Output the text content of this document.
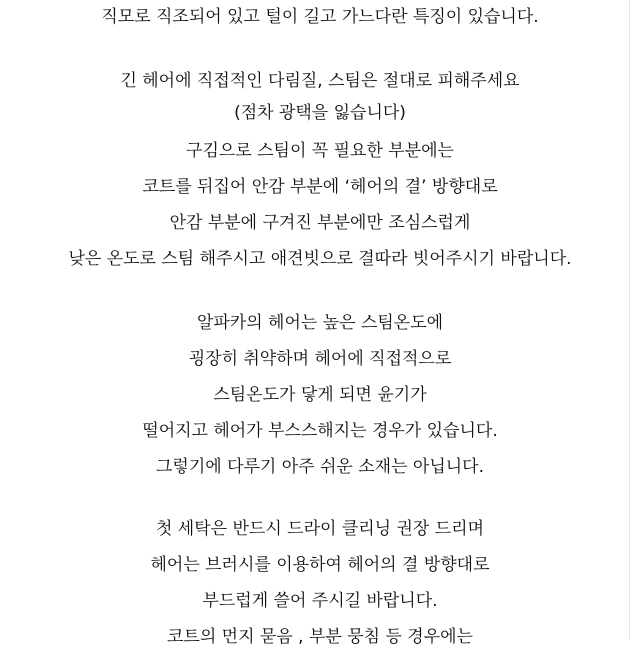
직모로 직조되어 있고 털이 길고 가느다란 특징이 있습니다.
긴 헤어에 직접적인 다림질, 스팀은 절대로 피해주세요
(점차 광택을 잃습니다)
구김으로 스팀이 꼭 필요한 부분에는
코트를 뒤집어 안감 부분에 ‘헤어의 결’ 방향대로
안감 부분에 구겨진 부분에만 조심스럽게
낮은 온도로 스팀 해주시고 애견빗으로 결따라 빗어주시기 바랍니다.
알파카의 헤어는 높은 스팀온도에
굉장히 취약하며 헤어에 직접적으로
스팀온도가 닿게 되면 윤기가
떨어지고 헤어가 부스스해지는 경우가 있습니다.
그렇기에 다루기 아주 쉬운 소재는 아닙니다.
첫 세탁은 반드시 드라이 클리닝 권장 드리며
헤어는 브러시를 이용하여 헤어의 결 방향대로
부드럽게 쓸어 주시길 바랍니다.
코트의 먼지 묻음 , 부분 뭉침 등 경우에는
